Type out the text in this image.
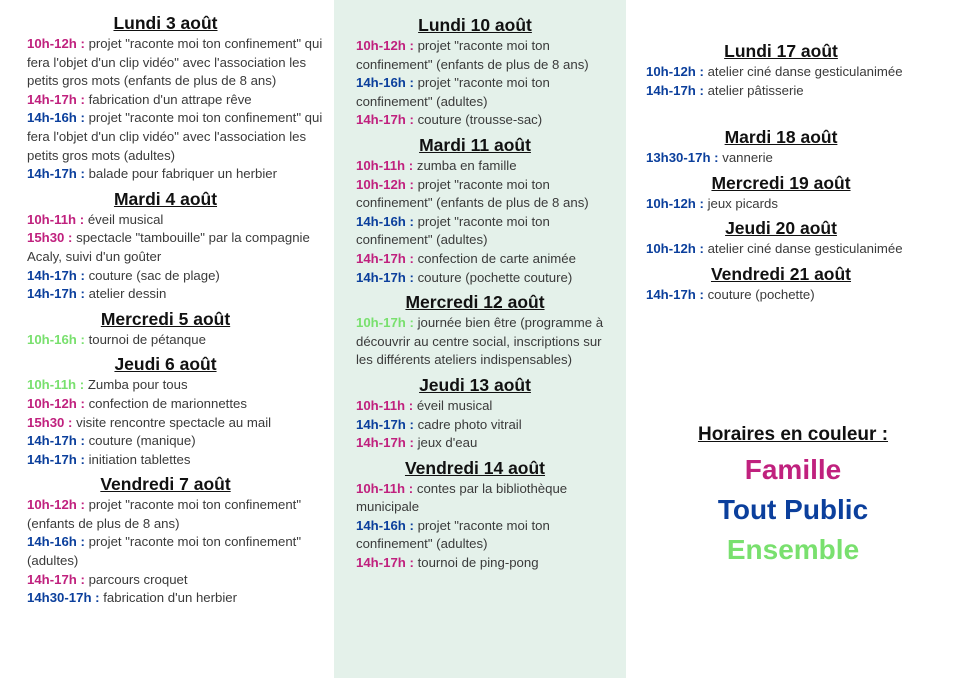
Lundi 3 août
10h-12h : projet "raconte moi ton confinement" qui fera l'objet d'un clip vidéo" avec l'association les petits gros mots (enfants de plus de 8 ans)
14h-17h : fabrication d'un attrape rêve
14h-16h : projet "raconte moi ton confinement" qui fera l'objet d'un clip vidéo" avec l'association les petits gros mots (adultes)
14h-17h : balade pour fabriquer un herbier
Mardi 4 août
10h-11h : éveil musical
15h30 : spectacle "tambouille" par la compagnie Acaly, suivi d'un goûter
14h-17h : couture (sac de plage)
14h-17h : atelier dessin
Mercredi 5 août
10h-16h : tournoi de pétanque
Jeudi 6 août
10h-11h : Zumba pour tous
10h-12h : confection de marionnettes
15h30 : visite rencontre spectacle au mail
14h-17h : couture (manique)
14h-17h : initiation tablettes
Vendredi 7 août
10h-12h : projet "raconte moi ton confinement" (enfants de plus de 8 ans)
14h-16h : projet "raconte moi ton confinement" (adultes)
14h-17h : parcours croquet
14h30-17h : fabrication d'un herbier
Lundi 10 août
10h-12h : projet "raconte moi ton confinement" (enfants de plus de 8 ans)
14h-16h : projet "raconte moi ton confinement" (adultes)
14h-17h : couture (trousse-sac)
Mardi 11 août
10h-11h : zumba en famille
10h-12h : projet "raconte moi ton confinement" (enfants de plus de 8 ans)
14h-16h : projet "raconte moi ton confinement" (adultes)
14h-17h : confection de carte animée
14h-17h : couture (pochette couture)
Mercredi 12 août
10h-17h : journée bien être (programme à découvrir au centre social, inscriptions sur les différents ateliers indispensables)
Jeudi 13 août
10h-11h : éveil musical
14h-17h : cadre photo vitrail
14h-17h : jeux d'eau
Vendredi 14 août
10h-11h : contes par la bibliothèque municipale
14h-16h : projet "raconte moi ton confinement" (adultes)
14h-17h : tournoi de ping-pong
Lundi 17 août
10h-12h : atelier ciné danse gesticulanimée
14h-17h : atelier pâtisserie
Mardi 18 août
13h30-17h : vannerie
Mercredi 19 août
10h-12h : jeux picards
Jeudi 20 août
10h-12h : atelier ciné danse gesticulanimée
Vendredi 21 août
14h-17h : couture (pochette)
Horaires en couleur :
Famille
Tout Public
Ensemble
